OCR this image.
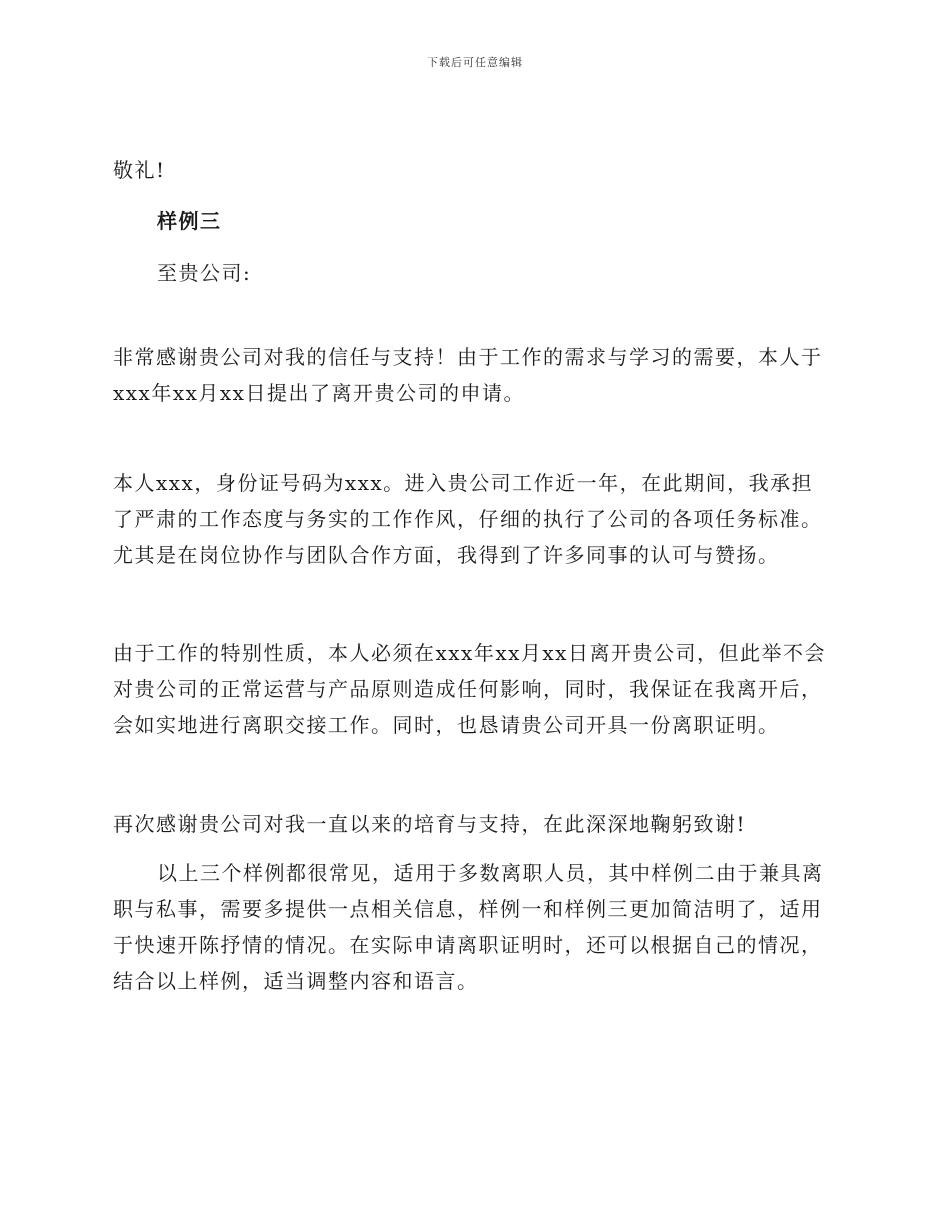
下载后可任意编辑

敬礼!

样例三

至贵公司:

非常感谢贵公司对我的信任与支持！由于工作的需求与学习的需要，本人于xxx年xx月xx日提出了离开贵公司的申请。

本人xxx，身份证号码为xxx。进入贵公司工作近一年，在此期间，我承担了严肃的工作态度与务实的工作作风，仔细的执行了公司的各项任务标准。尤其是在岗位协作与团队合作方面，我得到了许多同事的认可与赞扬。

由于工作的特别性质，本人必须在xxx年xx月xx日离开贵公司，但此举不会对贵公司的正常运营与产品原则造成任何影响，同时，我保证在我离开后，会如实地进行离职交接工作。同时，也恳请贵公司开具一份离职证明。

再次感谢贵公司对我一直以来的培育与支持，在此深深地鞠躬致谢!

以上三个样例都很常见，适用于多数离职人员，其中样例二由于兼具离职与私事，需要多提供一点相关信息，样例一和样例三更加简洁明了，适用于快速开陈抒情的情况。在实际申请离职证明时，还可以根据自己的情况，结合以上样例，适当调整内容和语言。
